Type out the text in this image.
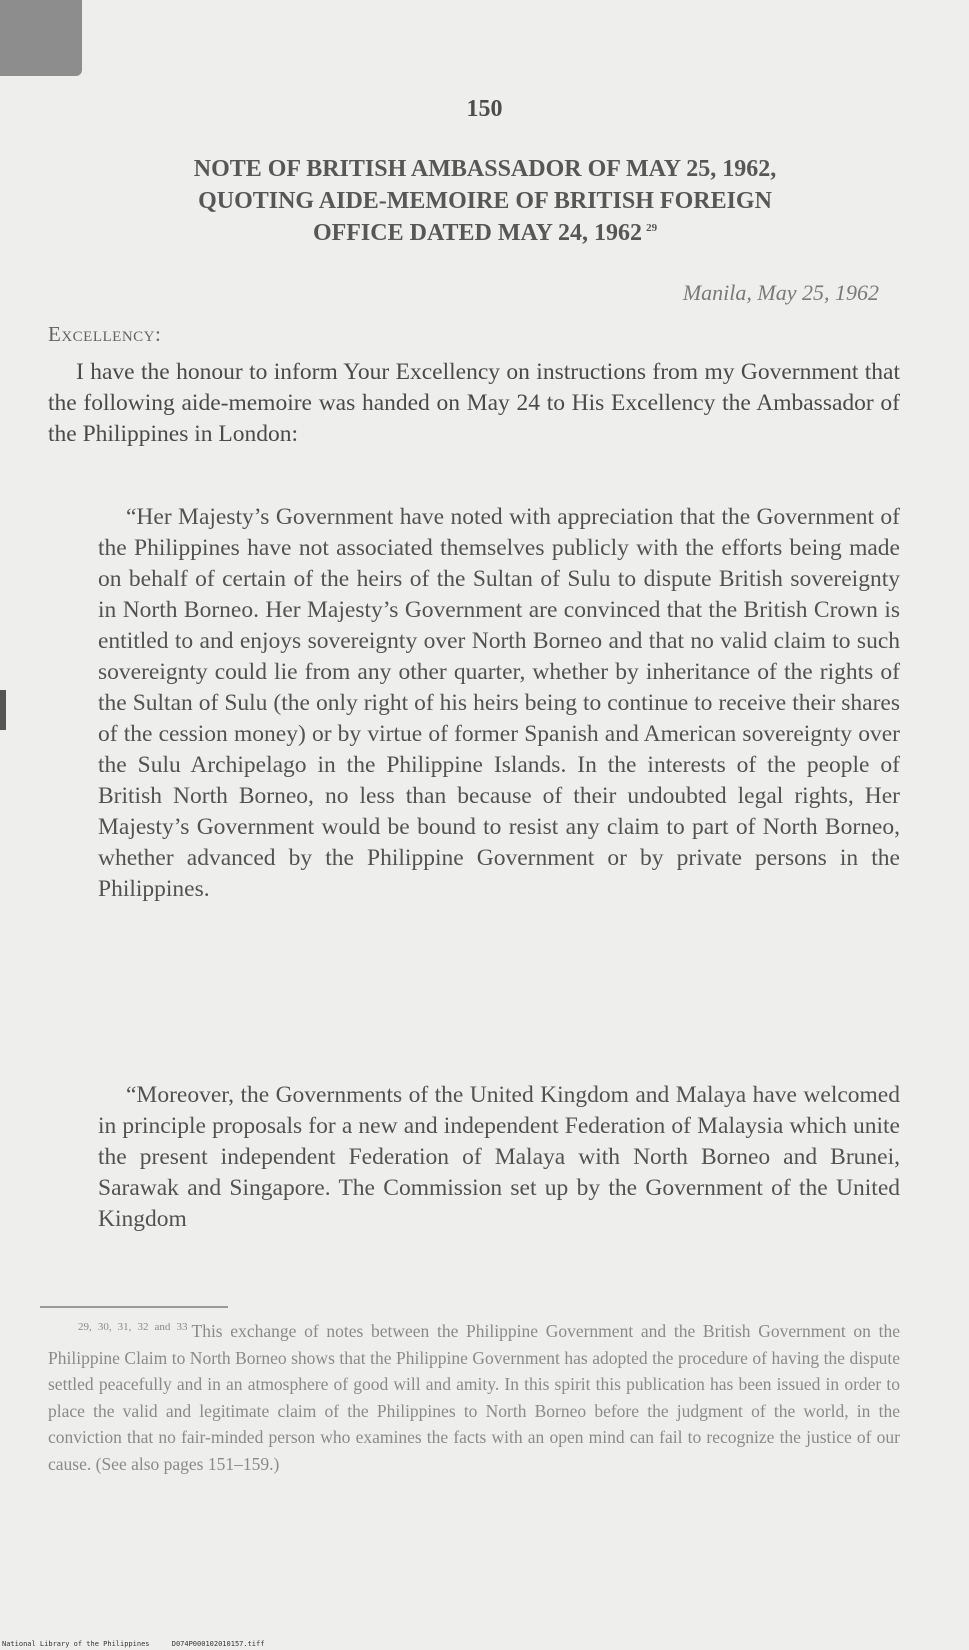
150
NOTE OF BRITISH AMBASSADOR OF MAY 25, 1962,
QUOTING AIDE-MEMOIRE OF BRITISH FOREIGN
OFFICE DATED MAY 24, 1962 $^{29}$
Manila, May 25, 1962
Excellency:

I have the honour to inform Your Excellency on instructions from my Government that the following aide-memoire was handed on May 24 to His Excellency the Ambassador of the Philippines in London:

“Her Majesty’s Government have noted with appreciation that the Government of the Philippines have not associated themselves publicly with the efforts being made on behalf of certain of the heirs of the Sultan of Sulu to dispute British sovereignty in North Borneo. Her Majesty’s Government are convinced that the British Crown is entitled to and enjoys sovereignty over North Borneo and that no valid claim to such sovereignty could lie from any other quarter, whether by inheritance of the rights of the Sultan of Sulu (the only right of his heirs being to continue to receive their shares of the cession money) or by virtue of former Spanish and American sovereignty over the Sulu Archipelago in the Philippine Islands. In the interests of the people of British North Borneo, no less than because of their undoubted legal rights, Her Majesty’s Government would be bound to resist any claim to part of North Borneo, whether advanced by the Philippine Government or by private persons in the Philippines.

“Moreover, the Governments of the United Kingdom and Malaya have welcomed in principle proposals for a new and independent Federation of Malaysia which unite the present independent Federation of Malaya with North Borneo and Brunei, Sarawak and Singapore. The Commission set up by the Government of the United Kingdom

$^{29, 30, 31, 32 and 33}$ This exchange of notes between the Philippine Government and the British Government on the Philippine Claim to North Borneo shows that the Philippine Government has adopted the procedure of having the dispute settled peacefully and in an atmosphere of good will and amity. In this spirit this publication has been issued in order to place the valid and legitimate claim of the Philippines to North Borneo before the judgment of the world, in the conviction that no fair-minded person who examines the facts with an open mind can fail to recognize the justice of our cause. (See also pages 151–159.)

National Library of the Philippines	D074P000102010157.tiff
